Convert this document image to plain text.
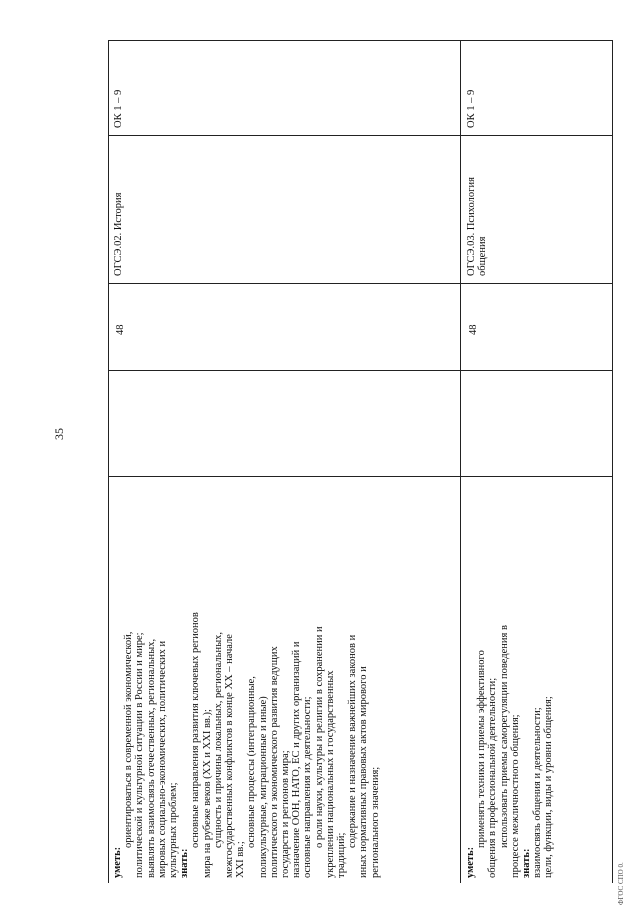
35
ОК 1 – 9
ОГСЭ.02. История
48
уметь:
ориентироваться в современной экономической, политической и культурной ситуации в России и мире; выявлять взаимосвязь отечественных, региональных, мировых социально-экономических, политических и культурных проблем; знать:
основные направления развития ключевых регионов мира на рубеже веков (XX и XXI вв.); сущность и причины локальных, региональных, межгосударственных конфликтов в конце XX – начале XXI вв.;
основные процессы (интеграционные, поликультурные, миграционные и иные) политического и экономического развития ведущих государств и регионов мира; назначение ООН, НАТО, ЕС и других организаций и основные направления их деятельности; о роли науки, культуры и религии в сохранении и укреплении национальных и государственных традиций;
содержание и назначение важнейших законов и иных нормативных правовых актов мирового и регионального значения;
ОК 1 – 9
ОГСЭ.03. Психология общения
48
уметь:
применять техники и приемы эффективного общения в профессиональной деятельности; использовать приемы саморегуляции поведения в процессе межличностного общения; знать: взаимосвязь общения и деятельности; цели, функции, виды и уровни общения;
ФГОС СПО 0.
